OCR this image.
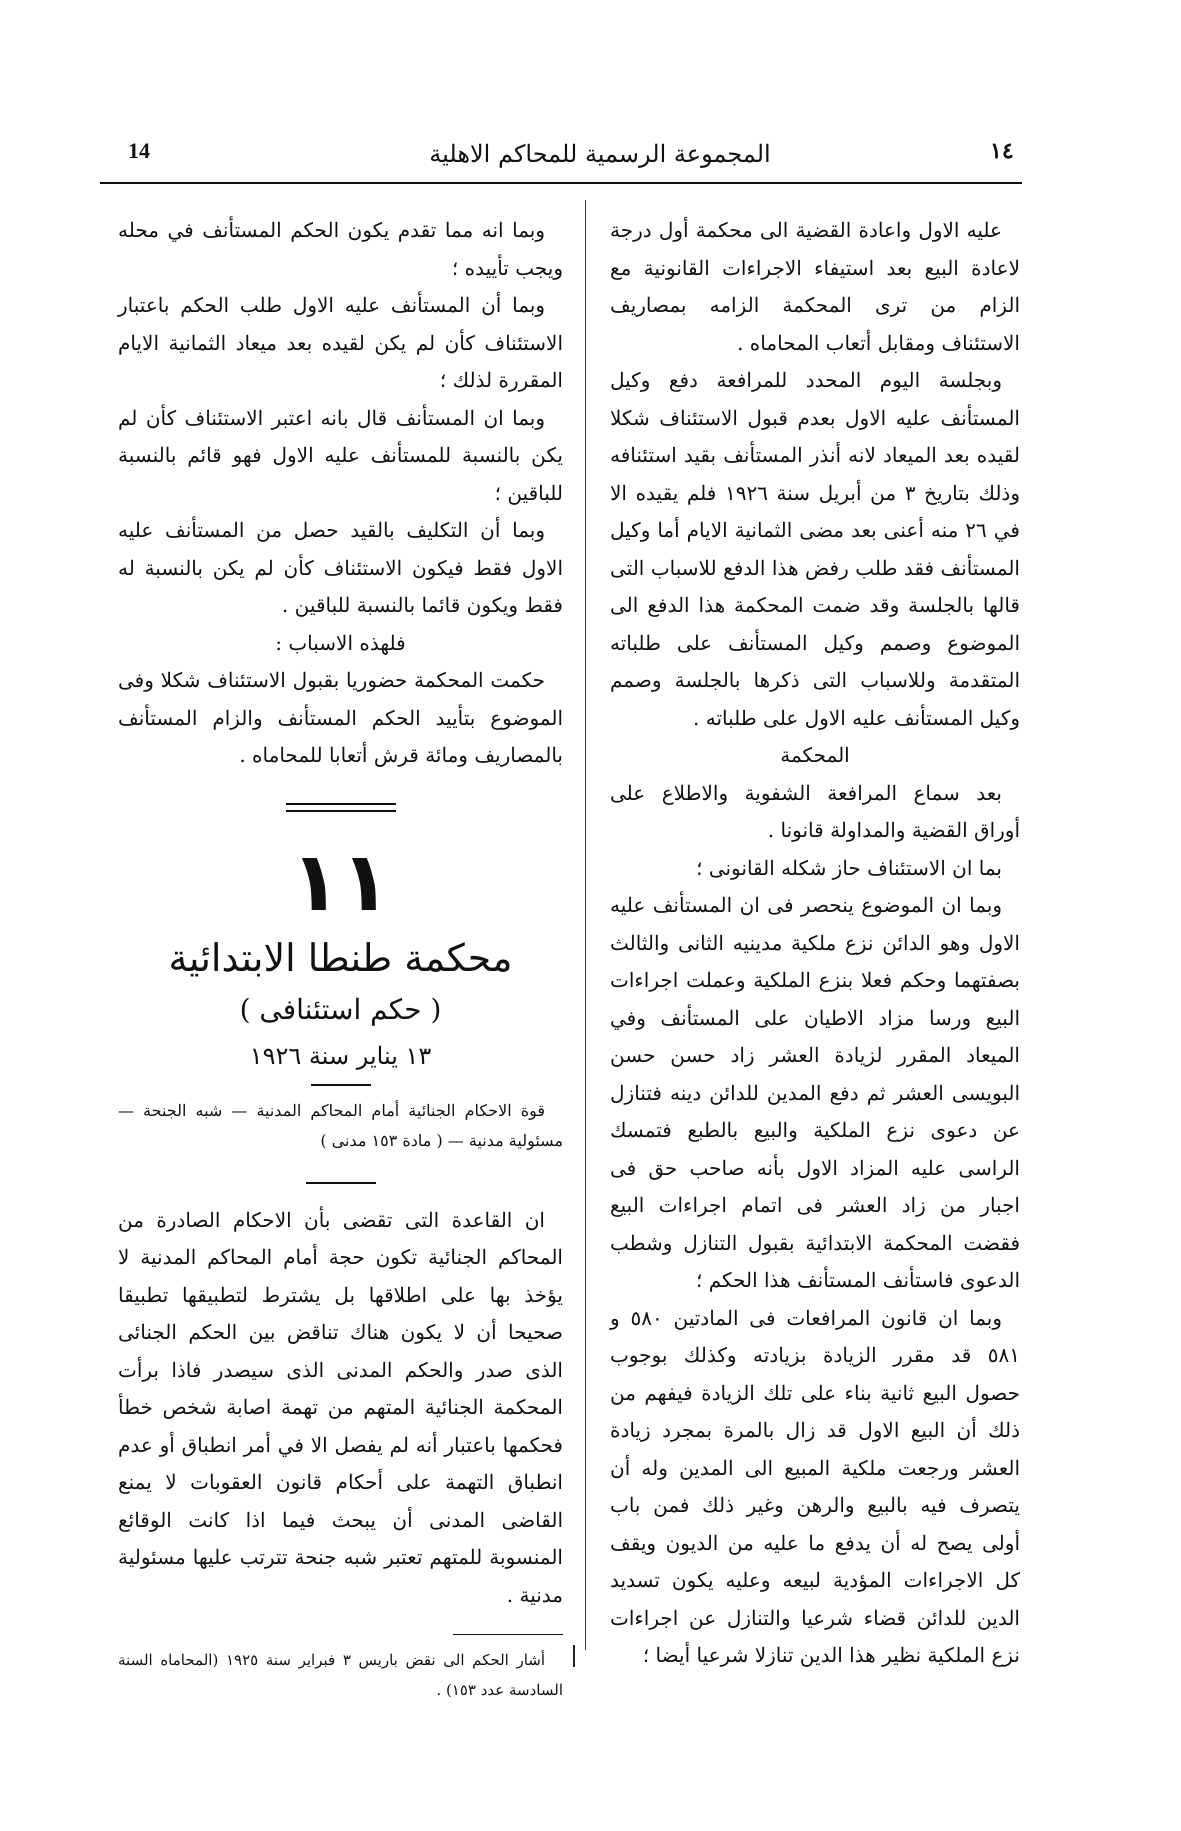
14	المجموعة الرسمية للمحاكم الاهلية	١٤

عليه الاول واعادة القضية الى محكمة أول درجة لاعادة البيع بعد استيفاء الاجراءات القانونية مع الزام من ترى المحكمة الزامه بمصاريف الاستئناف ومقابل أتعاب المحاماه .

وبجلسة اليوم المحدد للمرافعة دفع وكيل المستأنف عليه الاول بعدم قبول الاستئناف شكلا لقيده بعد الميعاد لانه أنذر المستأنف بقيد استئنافه وذلك بتاريخ ٣ من أبريل سنة ١٩٢٦ فلم يقيده الا في ٢٦ منه أعنى بعد مضى الثمانية الايام أما وكيل المستأنف فقد طلب رفض هذا الدفع للاسباب التى قالها بالجلسة وقد ضمت المحكمة هذا الدفع الى الموضوع وصمم وكيل المستأنف على طلباته المتقدمة وللاسباب التى ذكرها بالجلسة وصمم وكيل المستأنف عليه الاول على طلباته .

المحكمة

بعد سماع المرافعة الشفوية والاطلاع على أوراق القضية والمداولة قانونا .

بما ان الاستئناف حاز شكله القانونى ؛

وبما ان الموضوع ينحصر فى ان المستأنف عليه الاول وهو الدائن نزع ملكية مدينيه الثانى والثالث بصفتهما وحكم فعلا بنزع الملكية وعملت اجراءات البيع ورسا مزاد الاطيان على المستأنف وفي الميعاد المقرر لزيادة العشر زاد حسن حسن البويسى العشر ثم دفع المدين للدائن دينه فتنازل عن دعوى نزع الملكية والبيع بالطبع فتمسك الراسى عليه المزاد الاول بأنه صاحب حق فى اجبار من زاد العشر فى اتمام اجراءات البيع فقضت المحكمة الابتدائية بقبول التنازل وشطب الدعوى فاستأنف المستأنف هذا الحكم ؛

وبما ان قانون المرافعات فى المادتين ٥٨٠ و ٥٨١ قد مقرر الزيادة بزيادته وكذلك بوجوب حصول البيع ثانية بناء على تلك الزيادة فيفهم من ذلك أن البيع الاول قد زال بالمرة بمجرد زيادة العشر ورجعت ملكية المبيع الى المدين وله أن يتصرف فيه بالبيع والرهن وغير ذلك فمن باب أولى يصح له أن يدفع ما عليه من الديون ويقف كل الاجراءات المؤدية لبيعه وعليه يكون تسديد الدين للدائن قضاء شرعيا والتنازل عن اجراءات نزع الملكية نظير هذا الدين تنازلا شرعيا أيضا ؛

وبما انه مما تقدم يكون الحكم المستأنف في محله ويجب تأييده ؛

وبما أن المستأنف عليه الاول طلب الحكم باعتبار الاستئناف كأن لم يكن لقيده بعد ميعاد الثمانية الايام المقررة لذلك ؛

وبما ان المستأنف قال بانه اعتبر الاستئناف كأن لم يكن بالنسبة للمستأنف عليه الاول فهو قائم بالنسبة للباقين ؛

وبما أن التكليف بالقيد حصل من المستأنف عليه الاول فقط فيكون الاستئناف كأن لم يكن بالنسبة له فقط ويكون قائما بالنسبة للباقين .

فلهذه الاسباب :

حكمت المحكمة حضوريا بقبول الاستئناف شكلا وفى الموضوع بتأييد الحكم المستأنف والزام المستأنف بالمصاريف ومائة قرش أتعابا للمحاماه .

١١
محكمة طنطا الابتدائية
( حكم استئنافى )
١٣ يناير سنة ١٩٢٦

قوة الاحكام الجنائية أمام المحاكم المدنية — شبه الجنحة — مسئولية مدنية — ( مادة ١٥٣ مدنى )

ان القاعدة التى تقضى بأن الاحكام الصادرة من المحاكم الجنائية تكون حجة أمام المحاكم المدنية لا يؤخذ بها على اطلاقها بل يشترط لتطبيقها تطبيقا صحيحا أن لا يكون هناك تناقض بين الحكم الجنائى الذى صدر والحكم المدنى الذى سيصدر فاذا برأت المحكمة الجنائية المتهم من تهمة اصابة شخص خطأ فحكمها باعتبار أنه لم يفصل الا في أمر انطباق أو عدم انطباق التهمة على أحكام قانون العقوبات لا يمنع القاضى المدنى أن يبحث فيما اذا كانت الوقائع المنسوبة للمتهم تعتبر شبه جنحة تترتب عليها مسئولية مدنية .

أشار الحكم الى نقض باريس ٣ فبراير سنة ١٩٢٥ (المحاماه السنة السادسة عدد ١٥٣) .
